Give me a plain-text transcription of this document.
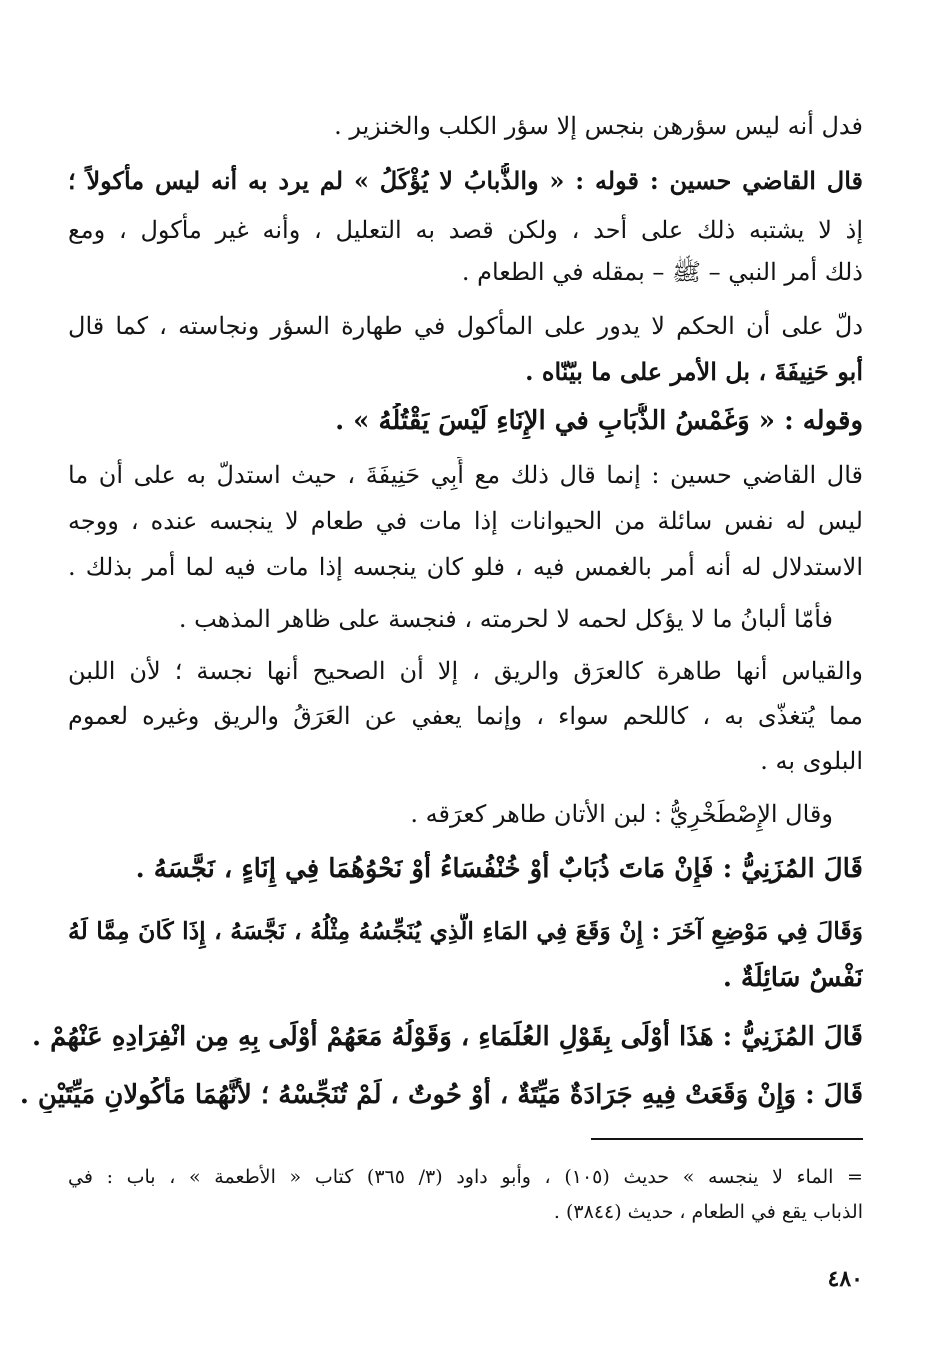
فدل أنه ليس سؤرهن بنجس إلا سؤر الكلب والخنزير .
قال القاضي حسين : قوله : « والذُّبابُ لا يُؤْكَلُ » لم يرد به أنه ليس مأكولاً ؛
إذ لا يشتبه ذلك على أحد ، ولكن قصد به التعليل ، وأنه غير مأكول ، ومع
ذلك أمر النبي – ﷺ – بمقله في الطعام .
دلّ على أن الحكم لا يدور على المأكول في طهارة السؤر ونجاسته ، كما قال
أبو حَنِيفَةَ ، بل الأمر على ما بيّنّاه .
وقوله : « وَغَمْسُ الذُّبَابِ في الإِنَاءِ لَيْسَ يَقْتُلُهُ » .
قال القاضي حسين : إنما قال ذلك مع أَبِي حَنِيفَةَ ، حيث استدلّ به على أن ما
ليس له نفس سائلة من الحيوانات إذا مات في طعام لا ينجسه عنده ، ووجه
الاستدلال له أنه أمر بالغمس فيه ، فلو كان ينجسه إذا مات فيه لما أمر بذلك .
فأمّا ألبانُ ما لا يؤكل لحمه لا لحرمته ، فنجسة على ظاهر المذهب .
والقياس أنها طاهرة كالعرَق والريق ، إلا أن الصحيح أنها نجسة ؛ لأن اللبن
مما يُتغذّى به ، كاللحم سواء ، وإنما يعفي عن العَرَقُ والريق وغيره لعموم
البلوى به .
وقال الإِصْطَخْرِيُّ : لبن الأتان طاهر كعرَقه .
قَالَ المُزَنِيُّ : فَإِنْ مَاتَ ذُبَابٌ أَوْ خُنْفُسَاءُ أَوْ نَحْوُهُمَا فِي إِنَاءٍ ، نَجَّسَهُ .
وَقَالَ فِي مَوْضِعٍ آخَرَ : إِنْ وَقَعَ فِي المَاءِ الَّذِي يُنَجِّسُهُ مِثْلُهُ ، نَجَّسَهُ ، إِذَا كَانَ مِمَّا لَهُ
نَفْسٌ سَائِلَةٌ .
قَالَ المُزَنِيُّ : هَذَا أَوْلَى بِقَوْلِ العُلَمَاءِ ، وَقَوْلُهُ مَعَهُمْ أَوْلَى بِهِ مِن انْفِرَادِهِ عَنْهُمْ .
قَالَ : وَإِنْ وَقَعَتْ فِيهِ جَرَادَةٌ مَيِّتَةٌ ، أَوْ حُوتٌ ، لَمْ تُنَجِّسْهُ ؛ لأَنَّهُمَا مَأْكُولانِ مَيِّتَيْنِ .
= الماء لا ينجسه » حديث (١٠٥) ، وأبو داود (٣/ ٣٦٥) كتاب « الأطعمة » ، باب : في
الذباب يقع في الطعام ، حديث (٣٨٤٤) .
٤٨٠
